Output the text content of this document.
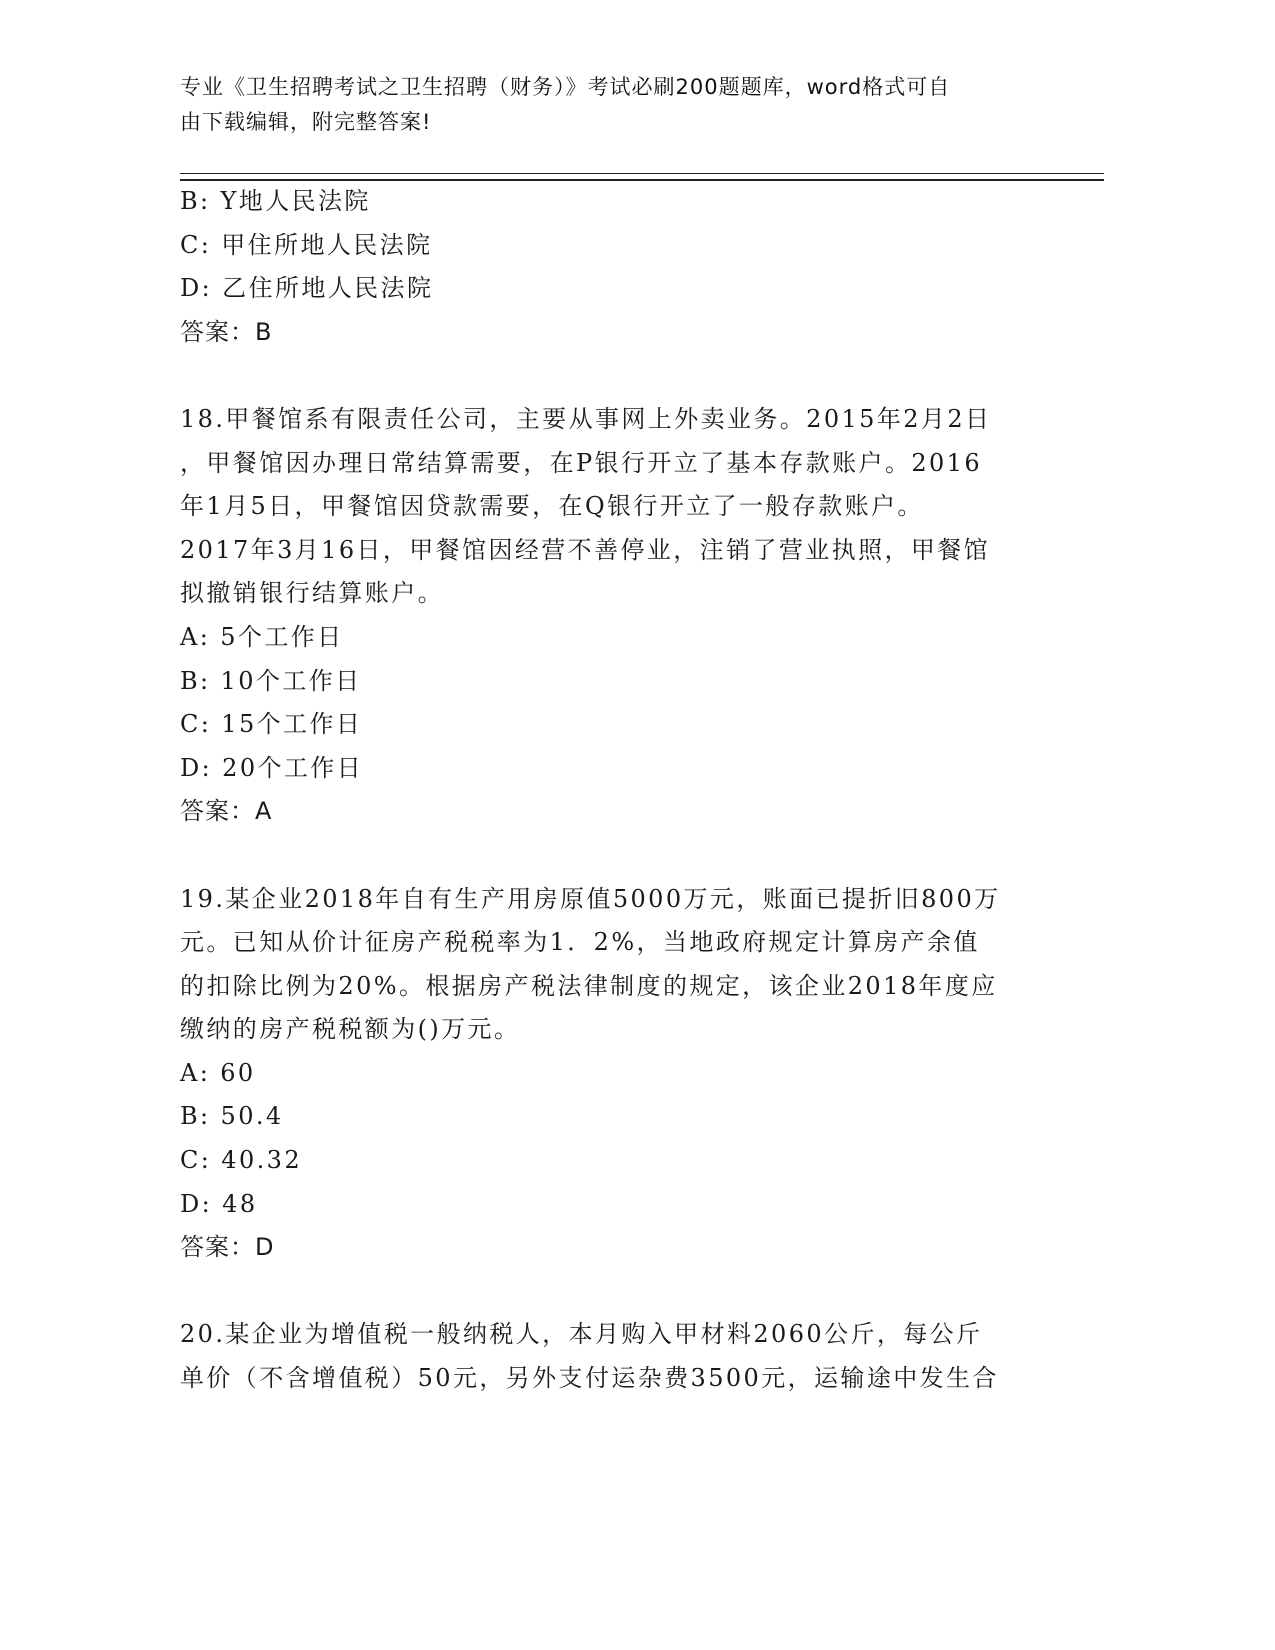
专业《卫生招聘考试之卫生招聘（财务）》考试必刷200题题库，word格式可自
由下载编辑，附完整答案!
B: Y地人民法院
C: 甲住所地人民法院
D: 乙住所地人民法院
答案：B
18.甲餐馆系有限责任公司，主要从事网上外卖业务。2015年2月2日
，甲餐馆因办理日常结算需要，在P银行开立了基本存款账户。2016
年1月5日，甲餐馆因贷款需要，在Q银行开立了一般存款账户。
2017年3月16日，甲餐馆因经营不善停业，注销了营业执照，甲餐馆
拟撤销银行结算账户。
A: 5个工作日
B: 10个工作日
C: 15个工作日
D: 20个工作日
答案：A
19.某企业2018年自有生产用房原值5000万元，账面已提折旧800万
元。已知从价计征房产税税率为1．2%，当地政府规定计算房产余值
的扣除比例为20%。根据房产税法律制度的规定，该企业2018年度应
缴纳的房产税税额为()万元。
A: 60
B: 50.4
C: 40.32
D: 48
答案：D
20.某企业为增值税一般纳税人，本月购入甲材料2060公斤，每公斤
单价（不含增值税）50元，另外支付运杂费3500元，运输途中发生合
